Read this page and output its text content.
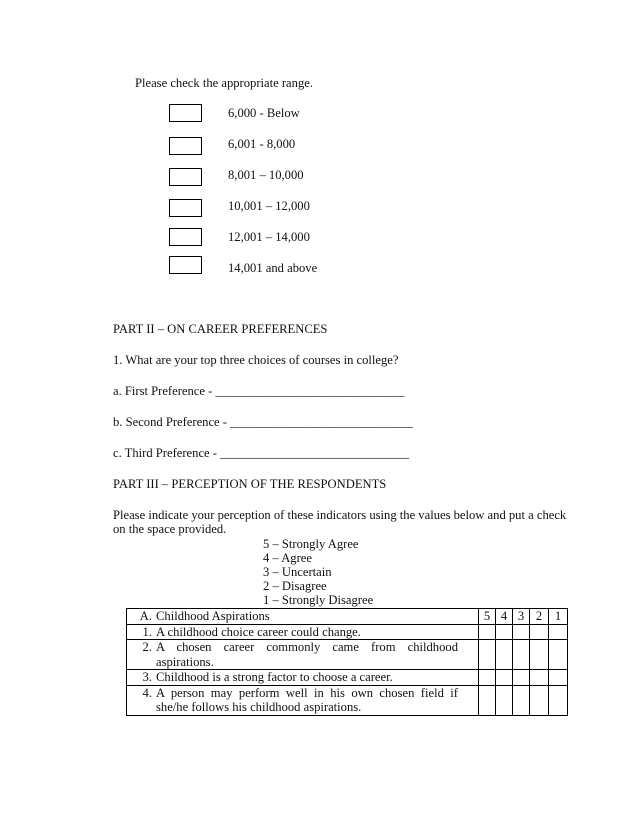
Please check the appropriate range.
6,000 - Below
6,001 - 8,000
8,001 – 10,000
10,001 – 12,000
12,001 – 14,000
14,001 and above
PART II – ON CAREER PREFERENCES
1. What are your top three choices of courses in college?
a. First Preference - ______________________________
b. Second Preference - _____________________________
c. Third Preference - ______________________________
PART III – PERCEPTION OF THE RESPONDENTS
Please indicate your perception of these indicators using the values below and put a check
on the space provided.
5 – Strongly Agree
4 – Agree
3 – Uncertain
2 – Disagree
1 – Strongly Disagree
A. Childhood Aspirations	5	4	3	2	1
1. A childhood choice career could change.					
2. A chosen career commonly came from childhood
aspirations.					
3. Childhood is a strong factor to choose a career.					
4. A person may perform well in his own chosen field if
she/he follows his childhood aspirations.					
